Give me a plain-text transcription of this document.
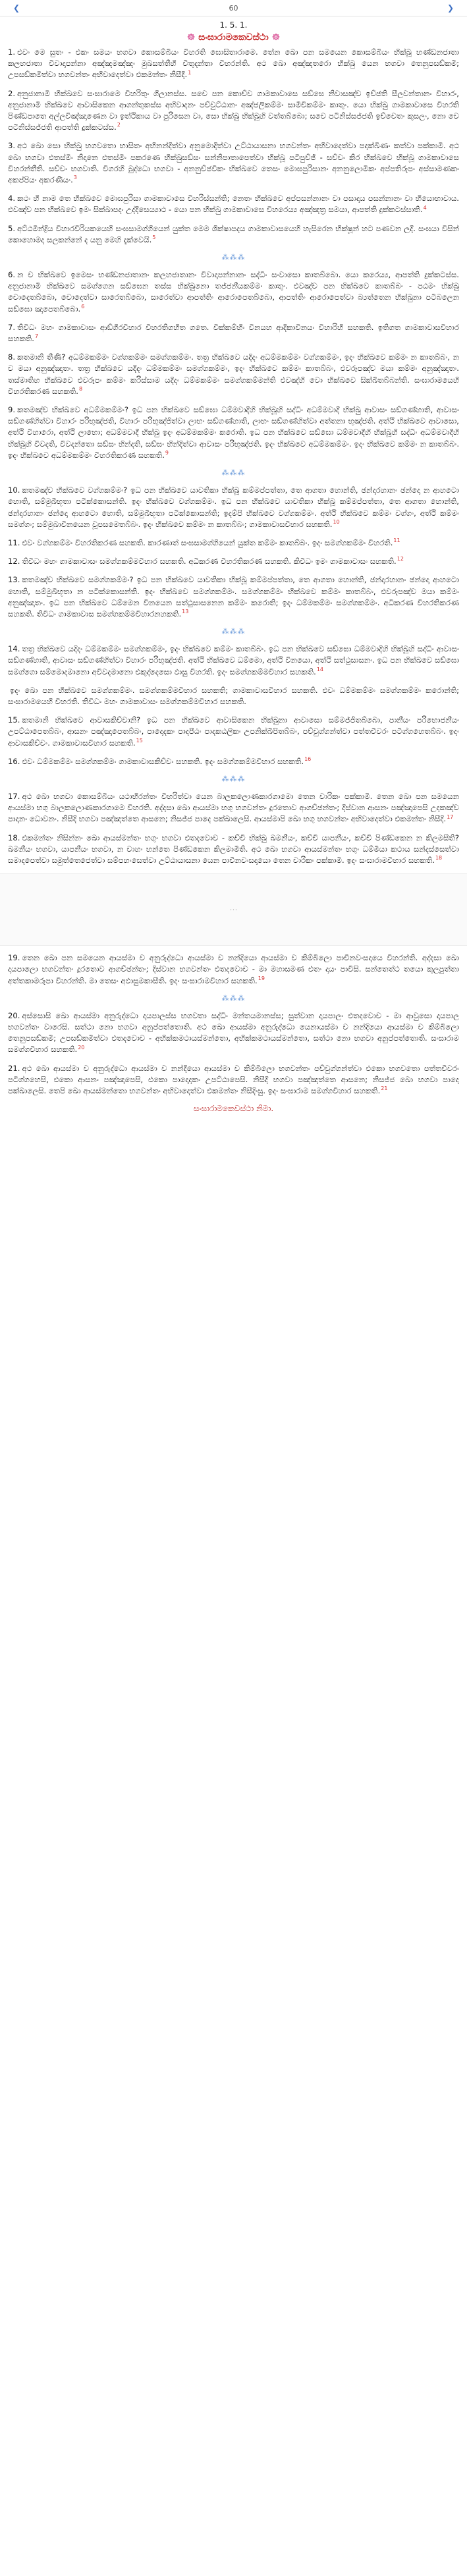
❮	60	❯
1. 5. 1.
☸ සංඝාරාමකෙවස්ථා ☸

1. එවං මෙ සුතං - එකං සමයං භගවා කොසම්බියං විහරති ඝොසිතාරාමෙ. තේන ඛො පන සමයෙන කොසම්බියං භික්ඛූ භණ්ඩනජාතා කලහජාතා විවාදාපන්නා අඤ්ඤමඤ්ඤං මුඛසත්තීහි විතුදන්තා විහරන්ති. අථ ඛො අඤ්ඤතරො භික්ඛු යෙන භගවා තෙනුපසඞ්කමි; උපසඞ්කමිත්වා භගවන්තං අභිවාදෙත්වා එකමන්තං නිසීදි.$^1$

2. අනුජානාමි භික්ඛවෙ සංඝාරාමෙ විහරිතුං ගිලානස්ස. සචෙ පන කොච්ච ගාමකාවාසෙ සඞ්ඝෙ නිවාසඤ්ච ඉච්ඡති සීලවන්තානං විහාරං, අනුජානාමි භික්ඛවෙ ආවාසිකෙන ආගන්තුකස්ස අභිවාදනං පච්චුට්ඨානං අඤ්ජලිකම්මං සාමීචිකම්මං කාතුං. යො භික්ඛු ගාමකාවාසෙ විහරති පිණ්ඩපාතෙ අල්ලවිඤ්ඤාණෙන වා ඉත්ථිකාය වා පුරිසෙන වා, සො භික්ඛු භික්ඛූහි වත්තබ්බො; සචෙ පටිනිස්සජ්ජති ඉච්චෙතං කුසලං, නො චෙ පටිනිස්සජ්ජති ආපත්ති දුක්කටස්ස.$^2$

3. අථ ඛො සො භික්ඛු භගවතො භාසිතං අභිනන්දිත්වා අනුමොදිත්වා උට්ඨායාසනා භගවන්තං අභිවාදෙත්වා පදක්ඛිණං කත්වා පක්කාමි. අථ ඛො භගවා එතස්මිං නිදානෙ එතස්මිං පකරණෙ භික්ඛුසඞ්ඝං සන්නිපාතාපෙත්වා භික්ඛූ පටිපුච්ඡි - සච්චං කිර භික්ඛවෙ භික්ඛූ ගාමකාවාසෙ විහරන්තීති. සච්චං භගවාති. විගරහි බුද්ධො භගවා - අනනුච්ඡවිකං භික්ඛවෙ තෙසං මොඝපුරිසානං අනනුලොමිකං අප්පතිරූපං අස්සාමණකං අකප්පියං අකරණීයං.$^3$

4. කථං හි නාම තෙ භික්ඛවෙ මොඝපුරිසා ගාමකාවාසෙ විහරිස්සන්ති; නෙතං භික්ඛවෙ අප්පසන්නානං වා පසාදාය පසන්නානං වා භියොභාවාය. එවඤ්ච පන භික්ඛවෙ ඉමං සික්ඛාපදං උද්දිසෙය්‍යාථ - යො පන භික්ඛු ගාමකාවාසෙ විහරෙය්‍ය අඤ්ඤත්‍ර සමයා, ආපත්ති දුක්කටස්සාති.$^4$

5. අට්ඨමින්ද්‍රිය විහාරවිරියකයෙහි සංඝසාමග්ගියෙන් යුක්ත මෙම ශික්ෂාපදය ගාමකාවාසයෙහි හැසිරෙන භික්ෂූන් හට පණවන ලදී. සංඝයා විසින් කොහොමද සලකන්නේ ද යනු මෙහි දැක්වෙයි.$^5$

⁂⁂⁂

6. න ච භික්ඛවෙ ඉමෙසං භණ්ඩනජාතානං කලහජාතානං විවාදාපන්නානං සද්ධිං සංවාසො කාතබ්බො. යො කරෙය්‍ය, ආපත්ති දුක්කටස්ස. අනුජානාමි භික්ඛවෙ සමග්ගෙන සඞ්ඝෙන තස්ස භික්ඛුනො තජ්ජනීයකම්මං කාතුං. එවඤ්ච පන භික්ඛවෙ කාතබ්බං - පඨමං භික්ඛු චොදෙතබ්බො, චොදෙත්වා සාරෙතබ්බො, සාරෙත්වා ආපත්තිං ආරොපෙතබ්බො, ආපත්තිං ආරොපෙත්වා බ්‍යත්තෙන භික්ඛුනා පටිබලෙන සඞ්ඝො ඤාපෙතබ්බො.$^6$

7. තිවිධං මහං ගාමකාවාසං ආඞ්ගිරවිහාර විහරතිගහිත ගතෙ. වික්කම්හිං විනයහ ආදිකාවිනයං විහාරිහි සහකති. ඉතිගත ගාමකාවාසවිහාර සහකති.$^7$

8. කතමානි තීණි? අධම්මකම්මං වග්ගකම්මං සමග්ගකම්මං. තත්‍ර භික්ඛවෙ යදිදං අධම්මකම්මං වග්ගකම්මං, ඉදං භික්ඛවෙ කම්මං න කාතබ්බං, න ච මයා අනුඤ්ඤාතං. තත්‍ර භික්ඛවෙ යදිදං ධම්මකම්මං සමග්ගකම්මං, ඉදං භික්ඛවෙ කම්මං කාතබ්බං, එවරූපඤ්ච මයා කම්මං අනුඤ්ඤාතං. තස්මාතිහ භික්ඛවෙ එවරූපං කම්මං කරිස්සාම යදිදං ධම්මකම්මං සමග්ගකම්මන්ති එවඤ්හි වො භික්ඛවෙ සික්ඛිතබ්බන්ති. සංඝාරාමයෙහි විහරතිකරණ සහකති.$^8$

9. කතමඤ්ච භික්ඛවෙ අධම්මකම්මං? ඉධ පන භික්ඛවෙ සඞ්ඝො ධම්මවාදීහි භික්ඛූහි සද්ධිං අධම්මවාදී භික්ඛු ආවාසං සඞ්ගණ්හාති, ආවාසං සඞ්ගණ්හිත්වා විහාරං පරිභුඤ්ජති, විහාරං පරිභුඤ්ජිත්වා ලාභං සඞ්ගණ්හාති, ලාභං සඞ්ගණ්හිත්වා අත්තනා භුඤ්ජති. අත්ථි භික්ඛවෙ ආවාසො, අත්ථි විහාරො, අත්ථි ලාභො; අධම්මවාදී භික්ඛු ඉදං අධම්මකම්මං කරොති. ඉධ පන භික්ඛවෙ සඞ්ඝො ධම්මවාදීහි භික්ඛූහි සද්ධිං අධම්මවාදීහි භික්ඛූහි විවදති, විවදන්තො සඞ්ඝං භින්දති, සඞ්ඝං භින්දිත්වා ආවාසං පරිභුඤ්ජති. ඉදං භික්ඛවෙ අධම්මකම්මං. ඉදං භික්ඛවෙ කම්මං න කාතබ්බං. ඉදං භික්ඛවෙ අධම්මකම්මං විහරතිකරණ සහකති.$^9$

⁂⁂⁂

10. කතමඤ්ච භික්ඛවෙ වග්ගකම්මං? ඉධ පන භික්ඛවෙ යාවතිකා භික්ඛූ කම්මප්පත්තා, තෙ ආගතා හොන්ති, ඡන්දාරහානං ඡන්දො න ආහටො හොති, සම්මුඛීභූතා පටික්කොසන්ති. ඉදං භික්ඛවෙ වග්ගකම්මං. ඉධ පන භික්ඛවෙ යාවතිකා භික්ඛූ කම්මප්පත්තා, තෙ ආගතා හොන්ති, ඡන්දාරහානං ඡන්දො ආහටො හොති, සම්මුඛීභූතා පටික්කොසන්ති; ඉදම්පි භික්ඛවෙ වග්ගකම්මං. අත්ථි භික්ඛවෙ කම්මං වග්ගං, අත්ථි කම්මං සමග්ගං; සම්මුඛාවිනයෙන වූපසමෙතබ්බං. ඉදං භික්ඛවෙ කම්මං න කාතබ්බං; ගාමකාවාසවිහාර සහකති.$^{10}$

11. එවං වග්ගකම්මං විහරතිකරණ සහකති. කාරණාත් සංඝසාමග්ගියෙන් යුක්ත කම්මං කාතබ්බං. ඉදං සමග්ගකම්මං විහරති.$^{11}$

12. තිවිධං මහං ගාමකාවාසං සමග්ගකම්මවිහාර සහකති. අධිකරණ විහරතිකරණ සහකති. කිවිධං ඉමං ගාමකාවාසං සහකති.$^{12}$

13. කතමඤ්ච භික්ඛවෙ සමග්ගකම්මං? ඉධ පන භික්ඛවෙ යාවතිකා භික්ඛූ කම්මප්පත්තා, තෙ ආගතා හොන්ති, ඡන්දාරහානං ඡන්දො ආහටො හොති, සම්මුඛීභූතා න පටික්කොසන්ති. ඉදං භික්ඛවෙ සමග්ගකම්මං. සමග්ගකම්මං භික්ඛවෙ කම්මං කාතබ්බං, එවරූපඤ්ච මයා කම්මං අනුඤ්ඤාතං. ඉධ පන භික්ඛවෙ ධම්මෙන විනයෙන සත්ථුසාසනෙන කම්මං කරොති; ඉදං ධම්මකම්මං සමග්ගකම්මං. අධිකරණ විහරතිකරණ සහකති. තිවිධං ගාමකාවාස සමග්ගකම්මවිහාරනහකති.$^{13}$

⁂⁂⁂

14. තත්‍ර භික්ඛවෙ යදිදං ධම්මකම්මං සමග්ගකම්මං, ඉදං භික්ඛවෙ කම්මං කාතබ්බං. ඉධ පන භික්ඛවෙ සඞ්ඝො ධම්මවාදීහි භික්ඛූහි සද්ධිං ආවාසං සඞ්ගණ්හාති, ආවාසං සඞ්ගණ්හිත්වා විහාරං පරිභුඤ්ජති. අත්ථි භික්ඛවෙ ධම්මො, අත්ථි විනයො, අත්ථි සත්ථුසාසනං. ඉධ පන භික්ඛවෙ සඞ්ඝො සමග්ගො සම්මොදමානො අවිවදමානො එකුද්දෙසො ඵාසු විහරති. ඉදං සමග්ගකම්මවිහාර සහකති.$^{14}$

ඉදං ඛො පන භික්ඛවෙ සමග්ගකම්මං. සමග්ගකම්මවිහාර සහකති; ගාමකාවාසවිහාර සහකති. එවං ධම්මකම්මං සමග්ගකම්මං කරොන්ති; සංඝාරාමයෙහි විහරති. තිවිධං මහං ගාමකාවාසං සමග්ගකම්මවිහාර සහකති.

15. කතමානි භික්ඛවෙ ආවාසකිච්චානි? ඉධ පන භික්ඛවෙ ආවාසිකෙන භික්ඛුනා ආවාසො සම්මජ්ජිතබ්බො, පානීයං පරිභොජනීයං උපට්ඨාපෙතබ්බං, ආසනං පඤ්ඤාපෙතබ්බං, පාදොදකං පාදපීඨං පාදකඨලිකං උපනික්ඛිපිතබ්බං, පච්චුග්ගන්ත්වා පත්තචීවරං පටිග්ගහෙතබ්බං. ඉදං ආවාසකිච්චං. ගාමකාවාසවිහාර සහකති.$^{15}$

16. එවං ධම්මකම්මං සමග්ගකම්මං ගාමකාවාසකිච්චං සහකති. ඉදං සමග්ගකම්මවිහාර සහකති.$^{16}$

⁂⁂⁂

17. අථ ඛො භගවා කොසම්බියං යථාභිරන්තං විහරිත්වා යෙන බාලකලොණකාරගාමො තෙන චාරිකං පක්කාමි. තෙන ඛො පන සමයෙන ආයස්මා භගු බාලකලොණකාරගාමෙ විහරති. අද්දසා ඛො ආයස්මා භගු භගවන්තං දූරතොව ආගච්ඡන්තං; දිස්වාන ආසනං පඤ්ඤාපෙසි උදකඤ්ච පාදානං ධොවනං. නිසීදි භගවා පඤ්ඤත්තෙ ආසනෙ; නිසජ්ජ පාදෙ පක්ඛාලෙසි. ආයස්මාපි ඛො භගු භගවන්තං අභිවාදෙත්වා එකමන්තං නිසීදි.$^{17}$

18. එකමන්තං නිසින්නං ඛො ආයස්මන්තං භගුං භගවා එතදවොච - කච්චි භික්ඛු ඛමනීයං, කච්චි යාපනීයං, කච්චි පිණ්ඩකෙන න කිලමසීති? ඛමනීයං භගවා, යාපනීයං භගවා, න චාහං භන්තෙ පිණ්ඩකෙන කිලමාමීති. අථ ඛො භගවා ආයස්මන්තං භගුං ධම්මියා කථාය සන්දස්සෙත්වා සමාදපෙත්වා සමුත්තෙජෙත්වා සම්පහංසෙත්වා උට්ඨායාසනා යෙන පාචීනවංසදායො තෙන චාරිකං පක්කාමි. ඉදං සංඝාරාමවිහාර සහකති.$^{18}$

⋯

19. තෙන ඛො පන සමයෙන ආයස්මා ච අනුරුද්ධො ආයස්මා ච නන්දියො ආයස්මා ච කිම්බිලො පාචීනවංසදායෙ විහරන්ති. අද්දසා ඛො දායපාලො භගවන්තං දූරතොව ආගච්ඡන්තං; දිස්වාන භගවන්තං එතදවොච - මා මහාසමණ එතං දායං පාවිසි. සන්තෙත්ථ තයො කුලපුත්තා අත්තකාමරූපා විහරන්ති. මා තෙසං අඵාසුමකාසීති. ඉදං සංඝාරාමවිහාර සහකති.$^{19}$

⁂⁂⁂

20. අස්සොසි ඛො ආයස්මා අනුරුද්ධො දායපාලස්ස භගවතා සද්ධිං මන්තයමානස්ස; සුත්වාන දායපාලං එතදවොච - මා ආවුසො දායපාල භගවන්තං වාරෙසි. සත්ථා නො භගවා අනුප්පත්තොති. අථ ඛො ආයස්මා අනුරුද්ධො යෙනායස්මා ච නන්දියො ආයස්මා ච කිම්බිලො තෙනුපසඞ්කමි; උපසඞ්කමිත්වා එතදවොච - අභික්කමථායස්මන්තො, අභික්කමථායස්මන්තො, සත්ථා නො භගවා අනුප්පත්තොති. සංඝාරාම සමග්ගවිහාර සහකති.$^{20}$

21. අථ ඛො ආයස්මා ච අනුරුද්ධො ආයස්මා ච නන්දියො ආයස්මා ච කිම්බිලො භගවන්තං පච්චුග්ගන්ත්වා එකො භගවතො පත්තචීවරං පටිග්ගහෙසි, එකො ආසනං පඤ්ඤාපෙසි, එකො පාදොදකං උපට්ඨාපෙසි. නිසීදි භගවා පඤ්ඤත්තෙ ආසනෙ; නිසජ්ජ ඛො භගවා පාදෙ පක්ඛාලෙසි. තෙපි ඛො ආයස්මන්තො භගවන්තං අභිවාදෙත්වා එකමන්තං නිසීදිංසු. ඉදං සංඝාරාම සමග්ගවිහාර සහකති.$^{21}$

සංඝාරාමකෙවස්ථා නිමා.
